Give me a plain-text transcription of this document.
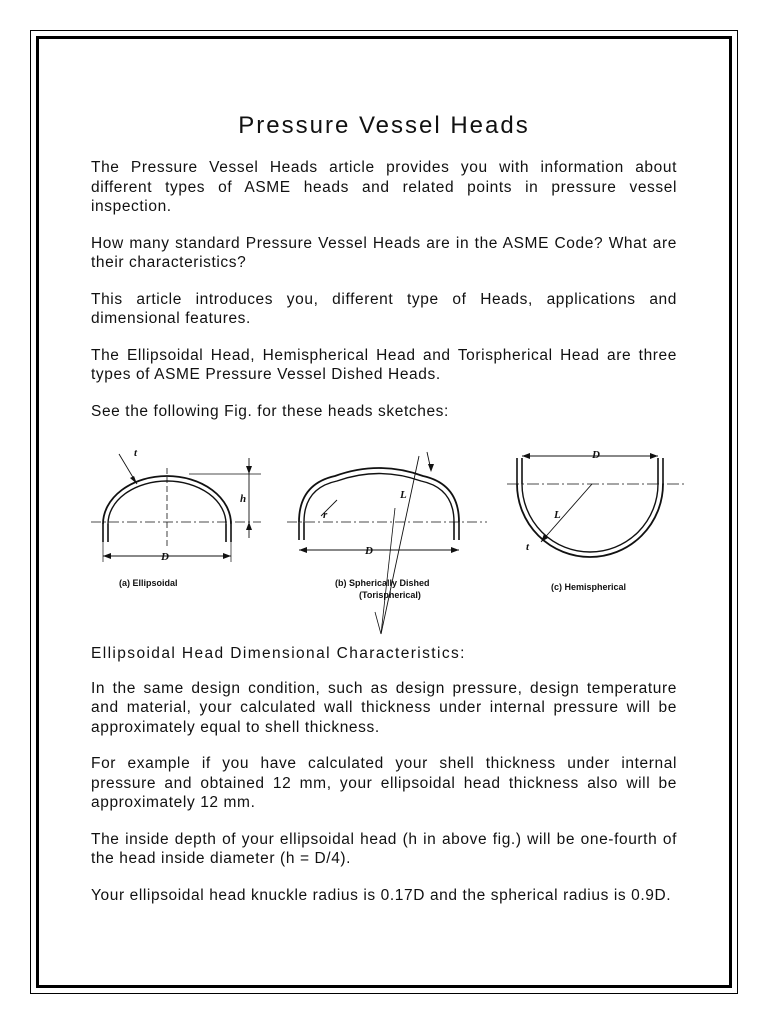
Pressure Vessel Heads
The Pressure Vessel Heads article provides you with information about different types of ASME heads and related points in pressure vessel inspection.
How many standard Pressure Vessel Heads are in the ASME Code? What are their characteristics?
This article introduces you, different type of Heads, applications and dimensional features.
The Ellipsoidal Head, Hemispherical Head and Torispherical Head are three types of ASME Pressure Vessel Dished Heads.
See the following Fig. for these heads sketches:
t
h
D
r
L
D
D
L
t
(a) Ellipsoidal	(b) Spherically Dished
(Torispherical)
(c) Hemispherical
Ellipsoidal Head Dimensional Characteristics:
In the same design condition, such as design pressure, design temperature and material, your calculated wall thickness under internal pressure will be approximately equal to shell thickness.
For example if you have calculated your shell thickness under internal pressure and obtained 12 mm, your ellipsoidal head thickness also will be approximately 12 mm.
The inside depth of your ellipsoidal head (h in above fig.) will be one-fourth of the head inside diameter (h = D/4).
Your ellipsoidal head knuckle radius is 0.17D and the spherical radius is 0.9D.
